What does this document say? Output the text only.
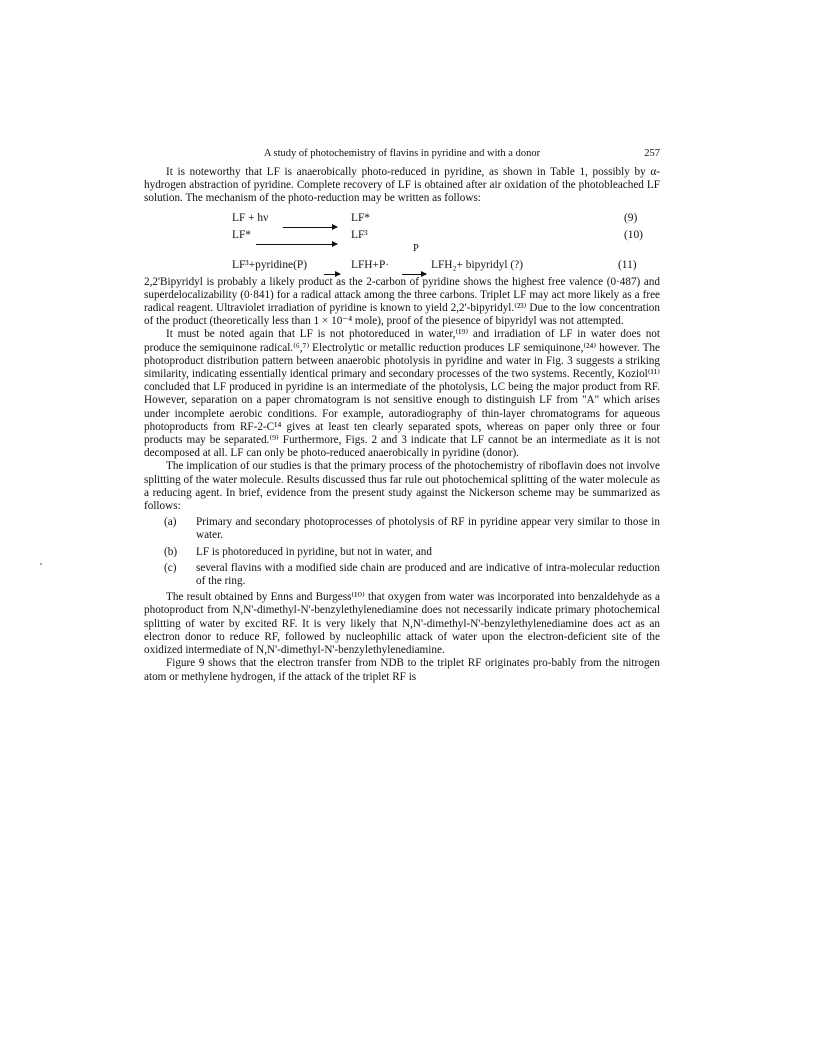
A study of photochemistry of flavins in pyridine and with a donor	257

It is noteworthy that LF is anaerobically photo-reduced in pyridine, as shown in Table 1, possibly by α-hydrogen abstraction of pyridine. Complete recovery of LF is obtained after air oxidation of the photobleached LF solution. The mechanism of the photo-reduction may be written as follows:

LF + hν	LF*	(9)
LF*	LF³	(10)
P
LF³+pyridine(P)	LFH+P·	LFH₂+ bipyridyl (?)	(11)

2,2'Bipyridyl is probably a likely product as the 2-carbon of pyridine shows the highest free valence (0·487) and superdelocalizability (0·841) for a radical attack among the three carbons. Triplet LF may act more likely as a free radical reagent. Ultraviolet irradiation of pyridine is known to yield 2,2'-bipyridyl.⁽²³⁾ Due to the low concentration of the product (theoretically less than 1 × 10⁻⁴ mole), proof of the piesence of bipyridyl was not attempted.

It must be noted again that LF is not photoreduced in water,⁽¹⁹⁾ and irradiation of LF in water does not produce the semiquinone radical.⁽⁶,⁷⁾ Electrolytic or metallic reduction produces LF semiquinone,⁽²⁴⁾ however. The photoproduct distribution pattern between anaerobic photolysis in pyridine and water in Fig. 3 suggests a striking similarity, indicating essentially identical primary and secondary processes of the two systems. Recently, Koziol⁽¹¹⁾ concluded that LF produced in pyridine is an intermediate of the photolysis, LC being the major product from RF. However, separation on a paper chromatogram is not sensitive enough to distinguish LF from "A" which arises under incomplete aerobic conditions. For example, autoradiography of thin-layer chromatograms for aqueous photoproducts from RF-2-C¹⁴ gives at least ten clearly separated spots, whereas on paper only three or four products may be separated.⁽⁹⁾ Furthermore, Figs. 2 and 3 indicate that LF cannot be an intermediate as it is not decomposed at all. LF can only be photo-reduced anaerobically in pyridine (donor).

The implication of our studies is that the primary process of the photochemistry of riboflavin does not involve splitting of the water molecule. Results discussed thus far rule out photochemical splitting of the water molecule as a reducing agent. In brief, evidence from the present study against the Nickerson scheme may be summarized as follows:

(a)	Primary and secondary photoprocesses of photolysis of RF in pyridine appear very similar to those in water.
(b)	LF is photoreduced in pyridine, but not in water, and
(c)	several flavins with a modified side chain are produced and are indicative of intra-molecular reduction of the ring.

The result obtained by Enns and Burgess⁽¹⁰⁾ that oxygen from water was incorporated into benzaldehyde as a photoproduct from N,N'-dimethyl-N'-benzylethylenediamine does not necessarily indicate primary photochemical splitting of water by excited RF. It is very likely that N,N'-dimethyl-N'-benzylethylenediamine does act as an electron donor to reduce RF, followed by nucleophilic attack of water upon the electron-deficient site of the oxidized intermediate of N,N'-dimethyl-N'-benzylethylenediamine.

Figure 9 shows that the electron transfer from NDB to the triplet RF originates pro-bably from the nitrogen atom or methylene hydrogen, if the attack of the triplet RF is
